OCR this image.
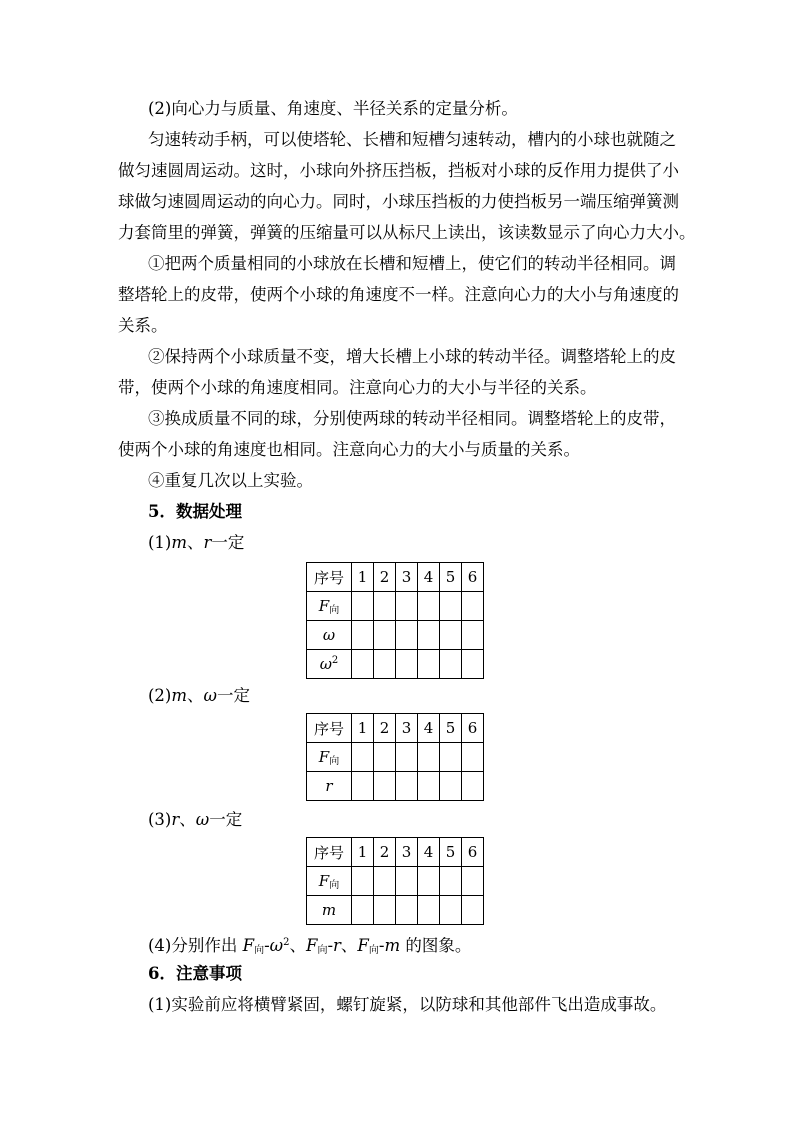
(2)向心力与质量、角速度、半径关系的定量分析。
匀速转动手柄，可以使塔轮、长槽和短槽匀速转动，槽内的小球也就随之
做匀速圆周运动。这时，小球向外挤压挡板，挡板对小球的反作用力提供了小
球做匀速圆周运动的向心力。同时，小球压挡板的力使挡板另一端压缩弹簧测
力套筒里的弹簧，弹簧的压缩量可以从标尺上读出，该读数显示了向心力大小。
①把两个质量相同的小球放在长槽和短槽上，使它们的转动半径相同。调
整塔轮上的皮带，使两个小球的角速度不一样。注意向心力的大小与角速度的
关系。
②保持两个小球质量不变，增大长槽上小球的转动半径。调整塔轮上的皮
带，使两个小球的角速度相同。注意向心力的大小与半径的关系。
③换成质量不同的球，分别使两球的转动半径相同。调整塔轮上的皮带，
使两个小球的角速度也相同。注意向心力的大小与质量的关系。
④重复几次以上实验。
5．数据处理
(1)m、r一定
序号	1	2	3	4	5	6
$F_向$						
ω						
$\omega^2$						
(2)m、ω一定
序号	1	2	3	4	5	6
$F_向$						
r						
(3)r、ω一定
序号	1	2	3	4	5	6
$F_向$						
m						
(4)分别作出 $F_向-\omega^2$、$F_向-r$、$F_向-m$ 的图象。
6．注意事项
(1)实验前应将横臂紧固，螺钉旋紧，以防球和其他部件飞出造成事故。
